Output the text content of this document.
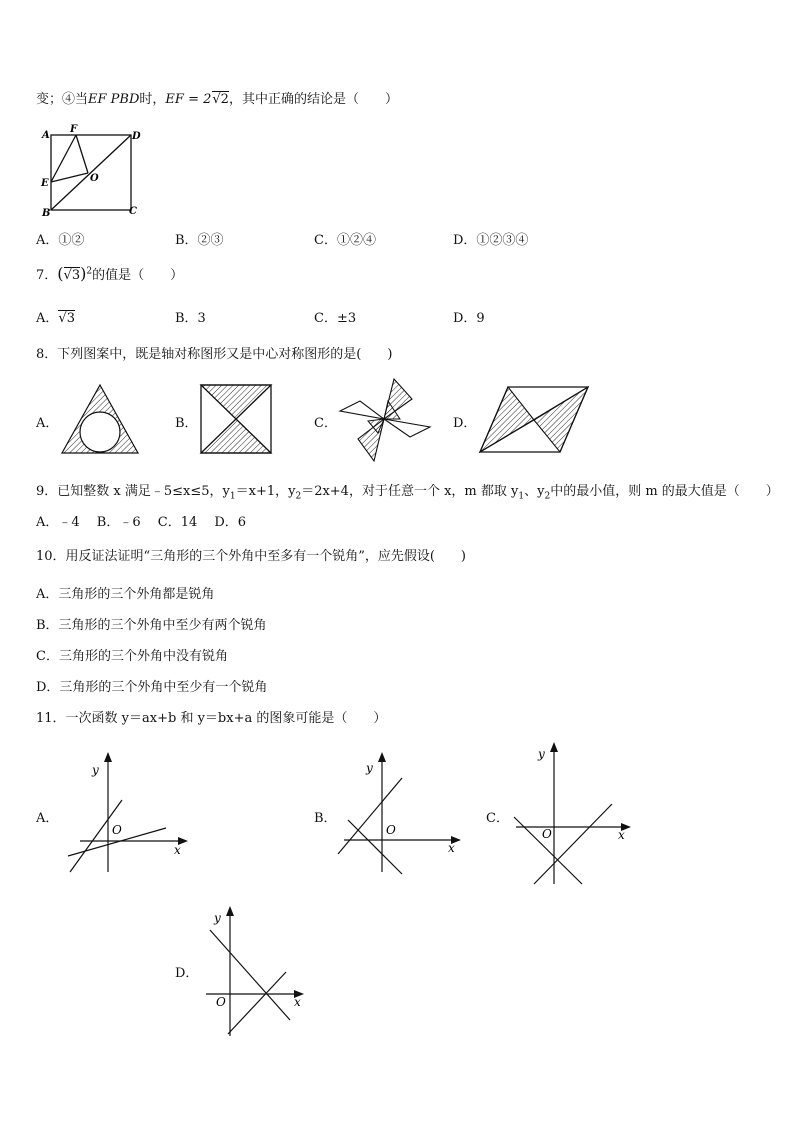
变；④当EF PBD时，EF = 2√2，其中正确的结论是（　　）
A
F
D
E	O
B	C
A．①②	B．②③	C．①②④	D．①②③④
7．$(√3)^2$的值是（　　）
A．√3	B．3	C．±3	D．9
8．下列图案中，既是轴对称图形又是中心对称图形的是(　　)
A．	B．	C．	D．
9．已知整数 x 满足﹣5≤x≤5，$y_1=x+1$，$y_2=2x+4$，对于任意一个 x，m 都取 $y_1$、$y_2$中的最小值，则 m 的最大值是（　　）
A．﹣4　 B．﹣6　 C．14　 D．6
10．用反证法证明“三角形的三个外角中至多有一个锐角”，应先假设(　　)
A．三角形的三个外角都是锐角
B．三角形的三个外角中至少有两个锐角
C．三角形的三个外角中没有锐角
D．三角形的三个外角中至少有一个锐角
11．一次函数 y＝ax+b 和 y＝bx+a 的图象可能是（　　）
A．
x
y
O
B．
x
y
O
C．
x
y
O
D．
x
y
O
